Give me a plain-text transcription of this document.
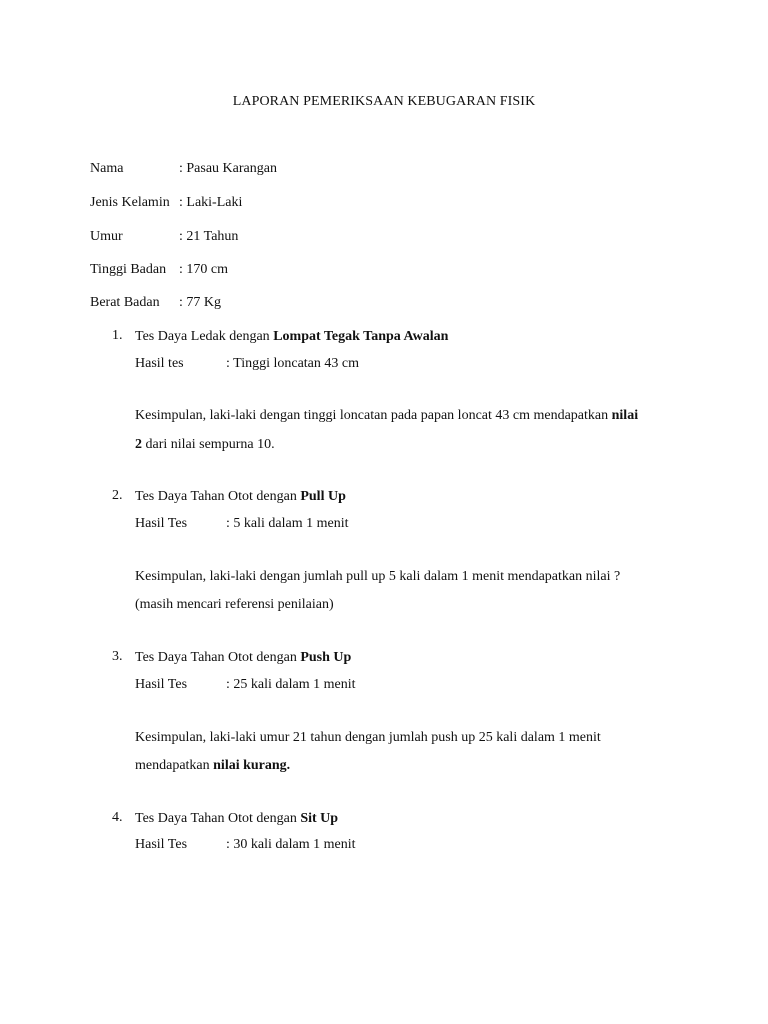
LAPORAN PEMERIKSAAN KEBUGARAN FISIK
Nama	: Pasau Karangan
Jenis Kelamin : Laki-Laki
Umur	: 21 Tahun
Tinggi Badan : 170 cm
Berat Badan : 77 Kg
1. Tes Daya Ledak dengan Lompat Tegak Tanpa Awalan
Hasil tes	: Tinggi loncatan 43 cm
Kesimpulan, laki-laki dengan tinggi loncatan pada papan loncat 43 cm mendapatkan nilai
2 dari nilai sempurna 10.
2. Tes Daya Tahan Otot dengan Pull Up
Hasil Tes	: 5 kali dalam 1 menit
Kesimpulan, laki-laki dengan jumlah pull up 5 kali dalam 1 menit mendapatkan nilai ?
(masih mencari referensi penilaian)
3. Tes Daya Tahan Otot dengan Push Up
Hasil Tes	: 25 kali dalam 1 menit
Kesimpulan, laki-laki umur 21 tahun dengan jumlah push up 25 kali dalam 1 menit
mendapatkan nilai kurang.
4. Tes Daya Tahan Otot dengan Sit Up
Hasil Tes	: 30 kali dalam 1 menit
